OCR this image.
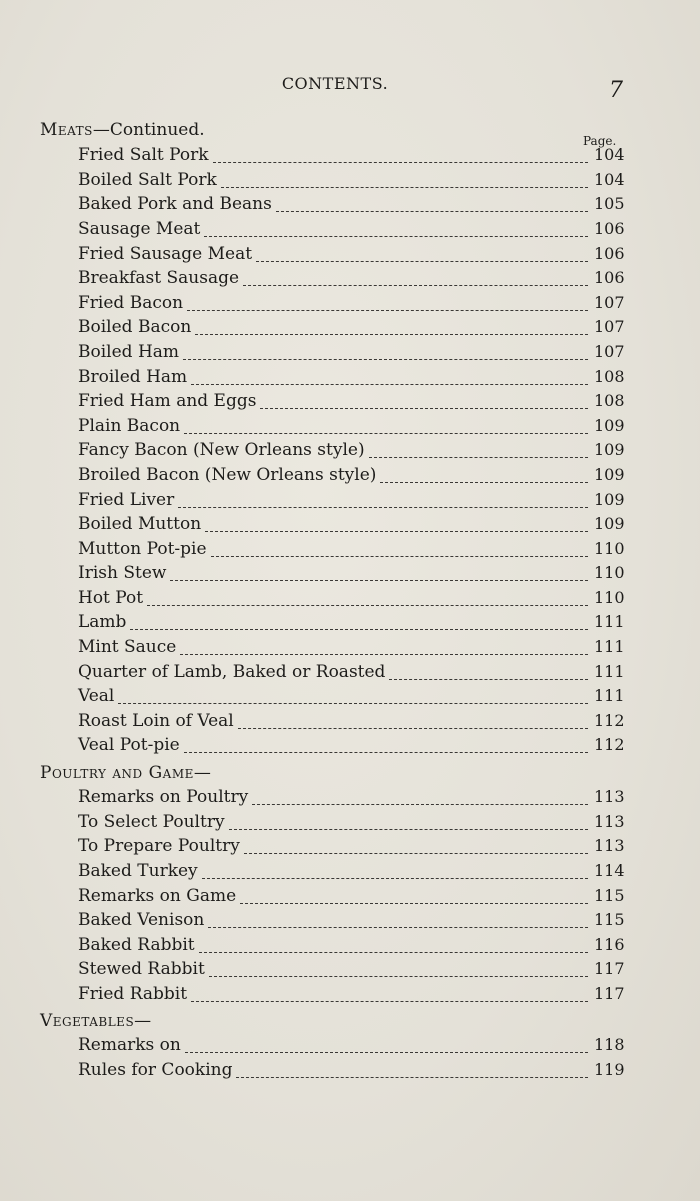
CONTENTS.	7
Page.
Meats—Continued.
Fried Salt Pork	104
Boiled Salt Pork	104
Baked Pork and Beans	105
Sausage Meat	106
Fried Sausage Meat	106
Breakfast Sausage	106
Fried Bacon	107
Boiled Bacon	107
Boiled Ham	107
Broiled Ham	108
Fried Ham and Eggs	108
Plain Bacon	109
Fancy Bacon (New Orleans style)	109
Broiled Bacon (New Orleans style)	109
Fried Liver	109
Boiled Mutton	109
Mutton Pot-pie	110
Irish Stew	110
Hot Pot	110
Lamb	111
Mint Sauce	111
Quarter of Lamb, Baked or Roasted	111
Veal	111
Roast Loin of Veal	112
Veal Pot-pie	112
Poultry and Game—
Remarks on Poultry	113
To Select Poultry	113
To Prepare Poultry	113
Baked Turkey	114
Remarks on Game	115
Baked Venison	115
Baked Rabbit	116
Stewed Rabbit	117
Fried Rabbit	117
Vegetables—
Remarks on	118
Rules for Cooking	119
